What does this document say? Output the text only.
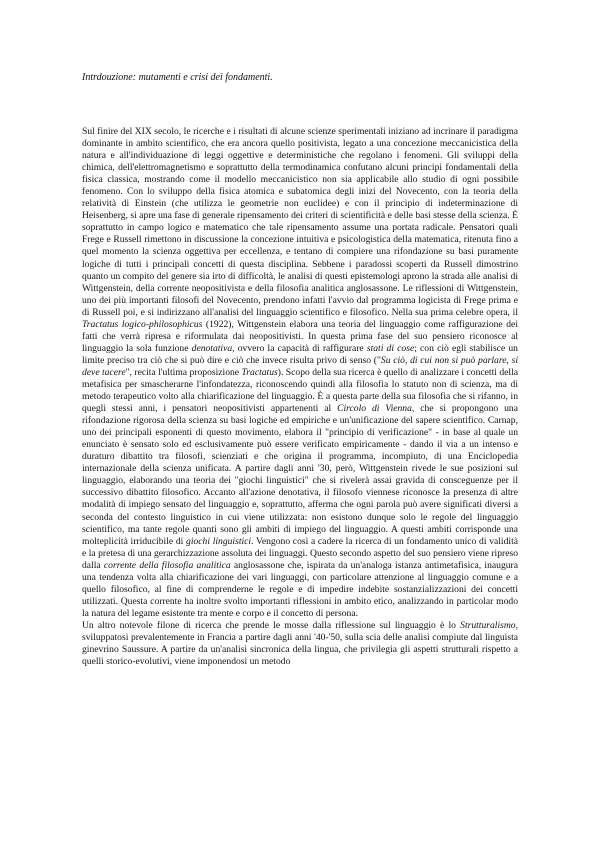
Intrdouzione: mutamenti e crisi dei fondamenti.

Sul finire del XIX secolo, le ricerche e i risultati di alcune scienze sperimentali iniziano ad incrinare il paradigma dominante in ambito scientifico, che era ancora quello positivista, legato a una concezione meccanicistica della natura e all'individuazione di leggi oggettive e deterministiche che regolano i fenomeni. Gli sviluppi della chimica, dell'elettromagnetismo e soprattutto della termodinamica confutano alcuni principi fondamentali della fisica classica, mostrando come il modello meccanicistico non sia applicabile allo studio di ogni possibile fenomeno. Con lo sviluppo della fisica atomica e subatomica degli inizi del Novecento, con la teoria della relatività di Einstein (che utilizza le geometrie non euclidee) e con il principio di indeterminazione di Heisenberg, si apre una fase di generale ripensamento dei criteri di scientificità e delle basi stesse della scienza. È soprattutto in campo logico e matematico che tale ripensamento assume una portata radicale. Pensatori quali Frege e Russell rimettono in discussione la concezione intuitiva e psicologistica della matematica, ritenuta fino a quel momento la scienza oggettiva per eccellenza, e tentano di compiere una rifondazione su basi puramente logiche di tutti i principali concetti di questa disciplina. Sebbene i paradossi scoperti da Russell dimostrino quanto un compito del genere sia irto di difficoltà, le analisi di questi epistemologi aprono la strada alle analisi di Wittgenstein, della corrente neopositivista e della filosofia analitica anglosassone. Le riflessioni di Wittgenstein, uno dei più importanti filosofi del Novecento, prendono infatti l'avvio dal programma logicista di Frege prima e di Russell poi, e si indirizzano all'analisi del linguaggio scientifico e filosofico. Nella sua prima celebre opera, il Tractatus logico-philosophicus (1922), Wittgenstein elabora una teoria del linguaggio come raffigurazione dei fatti che verrà ripresa e riformulata dai neopositivisti. In questa prima fase del suo pensiero riconosce al linguaggio la sola funzione denotativa, ovvero la capacità di raffigurare stati di cose; con ciò egli stabilisce un limite preciso tra ciò che si può dire e ciò che invece risulta privo di senso ("Su ciò, di cui non si può parlare, si deve tacere", recita l'ultima proposizione Tractatus). Scopo della sua ricerca è quello di analizzare i concetti della metafisica per smascherarne l'infondatezza, riconoscendo quindi alla filosofia lo statuto non di scienza, ma di metodo terapeutico volto alla chiarificazione del linguaggio. È a questa parte della sua filosofia che si rifanno, in quegli stessi anni, i pensatori neopositivisti appartenenti al Circolo di Vienna, che si propongono una rifondazione rigorosa della scienza su basi logiche ed empiriche e un'unificazione del sapere scientifico. Carnap, uno dei principali esponenti di questo movimento, elabora il "principio di verificazione" - in base al quale un enunciato è sensato solo ed esclusivamente può essere verificato empiricamente - dando il via a un intenso e duraturo dibattito tra filosofi, scienziati e che origina il programma, incompiuto, di una Enciclopedia internazionale della scienza unificata. A partire dagli anni '30, però, Wittgenstein rivede le sue posizioni sul linguaggio, elaborando una teoria dei "giochi linguistici" che si rivelerà assai gravida di consceguenze per il successivo dibattito filosofico. Accanto all'azione denotativa, il filosofo viennese riconosce la presenza di altre modalità di impiego sensato del linguaggio e, soprattutto, afferma che ogni parola può avere significati diversi a seconda del contesto linguistico in cui viene utilizzata: non esistono dunque solo le regole del linguaggio scientifico, ma tante regole quanti sono gli ambiti di impiego del linguaggio. A questi ambiti corrisponde una molteplicità irriducibile di giochi linguistici. Vengono così a cadere la ricerca di un fondamento unico di validità e la pretesa di una gerarchizzazione assoluta dei linguaggi. Questo secondo aspetto del suo pensiero viene ripreso dalla corrente della filosofia analitica anglosassone che, ispirata da un'analoga istanza antimetafisica, inaugura una tendenza volta alla chiarificazione dei vari linguaggi, con particolare attenzione al linguaggio comune e a quello filosofico, al fine di comprenderne le regole e di impedire indebite sostanzializzazioni dei concetti utilizzati. Questa corrente ha inoltre svolto importanti riflessioni in ambito etico, analizzando in particolar modo la natura del legame esistente tra mente e corpo e il concetto di persona.

Un altro notevole filone di ricerca che prende le mosse dalla riflessione sul linguaggio è lo Strutturalismo, sviluppatosi prevalentemente in Francia a partire dagli anni '40-'50, sulla scia delle analisi compiute dal linguista ginevrino Saussure. A partire da un'analisi sincronica della lingua, che privilegia gli aspetti strutturali rispetto a quelli storico-evolutivi, viene imponendosi un metodo
